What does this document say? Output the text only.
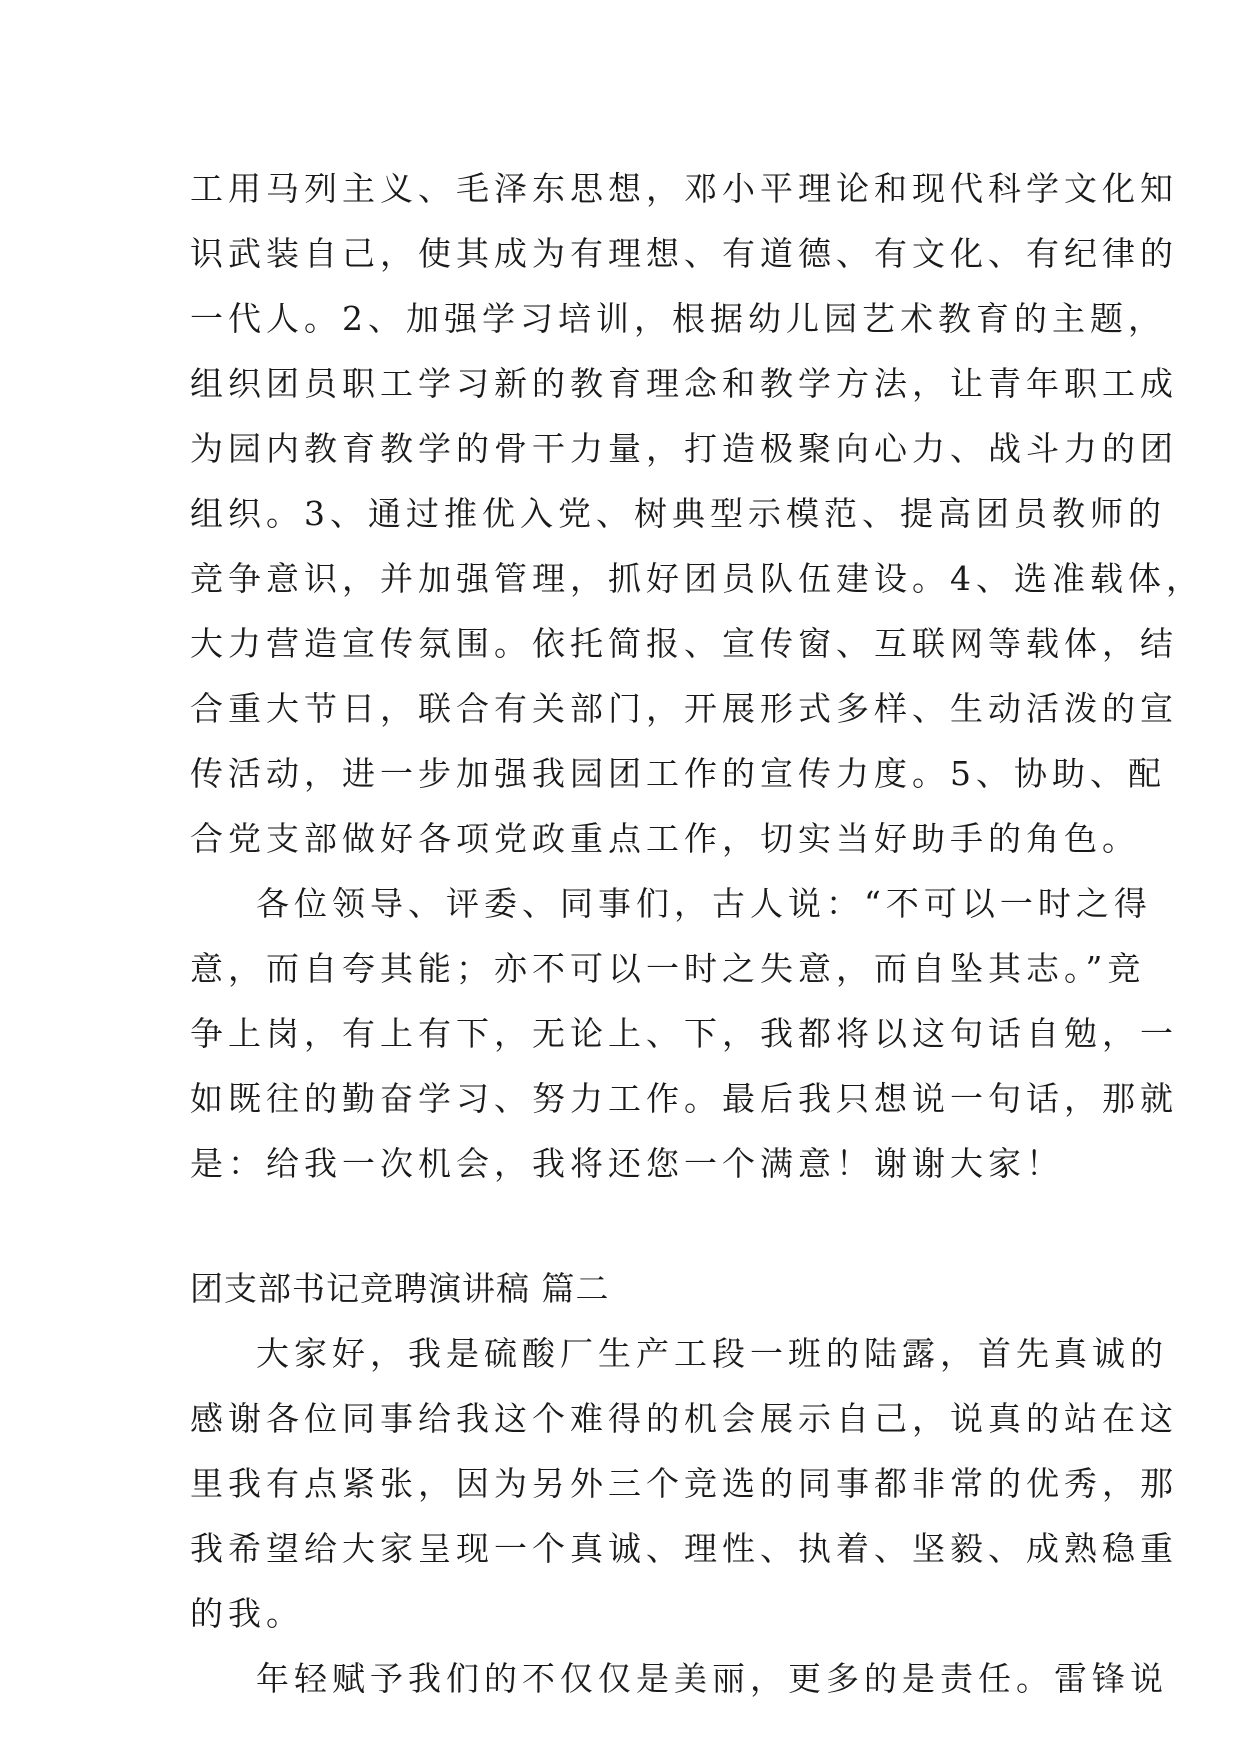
工用马列主义、毛泽东思想，邓小平理论和现代科学文化知
识武装自己，使其成为有理想、有道德、有文化、有纪律的
一代人。2、加强学习培训，根据幼儿园艺术教育的主题，
组织团员职工学习新的教育理念和教学方法，让青年职工成
为园内教育教学的骨干力量，打造极聚向心力、战斗力的团
组织。3、通过推优入党、树典型示模范、提高团员教师的
竞争意识，并加强管理，抓好团员队伍建设。4、选准载体，
大力营造宣传氛围。依托简报、宣传窗、互联网等载体，结
合重大节日，联合有关部门，开展形式多样、生动活泼的宣
传活动，进一步加强我园团工作的宣传力度。5、协助、配
合党支部做好各项党政重点工作，切实当好助手的角色。
各位领导、评委、同事们，古人说：“不可以一时之得
意，而自夸其能；亦不可以一时之失意，而自坠其志。”竞
争上岗，有上有下，无论上、下，我都将以这句话自勉，一
如既往的勤奋学习、努力工作。最后我只想说一句话，那就
是：给我一次机会，我将还您一个满意！谢谢大家！
团支部书记竞聘演讲稿 篇二
大家好，我是硫酸厂生产工段一班的陆露，首先真诚的
感谢各位同事给我这个难得的机会展示自己，说真的站在这
里我有点紧张，因为另外三个竞选的同事都非常的优秀，那
我希望给大家呈现一个真诚、理性、执着、坚毅、成熟稳重
的我。
年轻赋予我们的不仅仅是美丽，更多的是责任。雷锋说
